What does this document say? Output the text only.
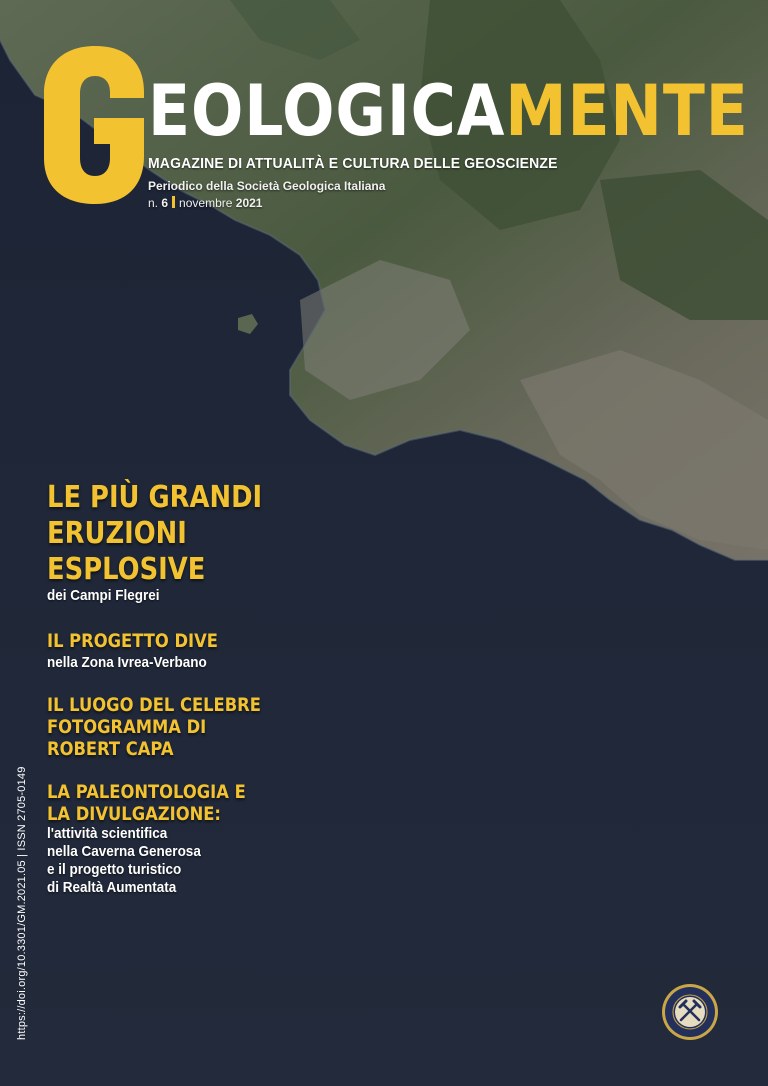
EOLOGICAMENTE
MAGAZINE DI ATTUALITÀ E CULTURA DELLE GEOSCIENZE
Periodico della Società Geologica Italiana
n. 6 novembre 2021
LE PIÙ GRANDI
ERUZIONI
ESPLOSIVE
dei Campi Flegrei
IL PROGETTO DIVE
nella Zona Ivrea-Verbano
IL LUOGO DEL CELEBRE
FOTOGRAMMA DI
ROBERT CAPA
LA PALEONTOLOGIA E
LA DIVULGAZIONE:
l'attività scientifica
nella Caverna Generosa
e il progetto turistico
di Realtà Aumentata
https://doi.org/10.3301/GM.2021.05 | ISSN 2705-0149
